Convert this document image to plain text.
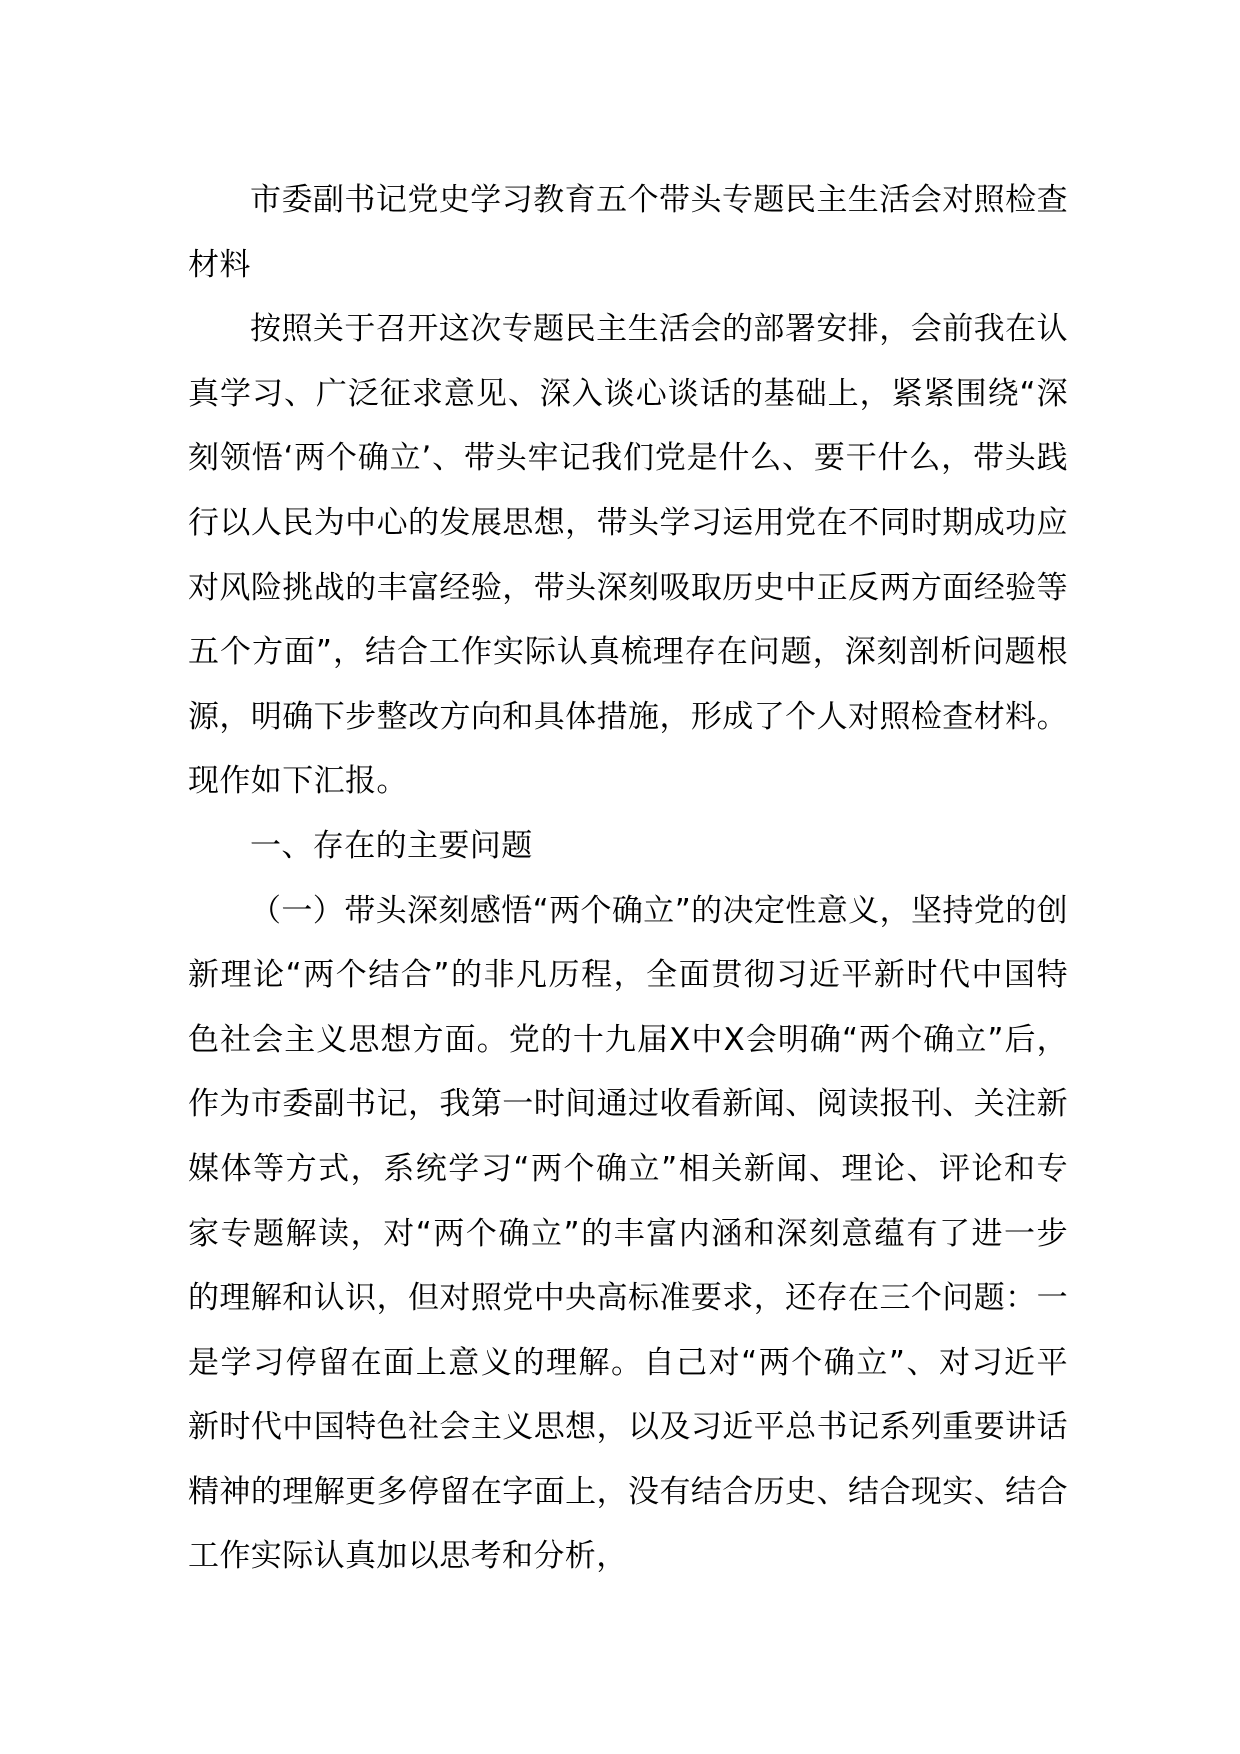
市委副书记党史学习教育五个带头专题民主生活会对照检查材料

按照关于召开这次专题民主生活会的部署安排，会前我在认真学习、广泛征求意见、深入谈心谈话的基础上，紧紧围绕“深刻领悟‘两个确立’、带头牢记我们党是什么、要干什么，带头践行以人民为中心的发展思想，带头学习运用党在不同时期成功应对风险挑战的丰富经验，带头深刻吸取历史中正反两方面经验等五个方面”，结合工作实际认真梳理存在问题，深刻剖析问题根源，明确下步整改方向和具体措施，形成了个人对照检查材料。现作如下汇报。

一、存在的主要问题

（一）带头深刻感悟“两个确立”的决定性意义，坚持党的创新理论“两个结合”的非凡历程，全面贯彻习近平新时代中国特色社会主义思想方面。党的十九届X中X会明确“两个确立”后，作为市委副书记，我第一时间通过收看新闻、阅读报刊、关注新媒体等方式，系统学习“两个确立”相关新闻、理论、评论和专家专题解读，对“两个确立”的丰富内涵和深刻意蕴有了进一步的理解和认识，但对照党中央高标准要求，还存在三个问题：一是学习停留在面上意义的理解。自己对“两个确立”、对习近平新时代中国特色社会主义思想，以及习近平总书记系列重要讲话精神的理解更多停留在字面上，没有结合历史、结合现实、结合工作实际认真加以思考和分析，
